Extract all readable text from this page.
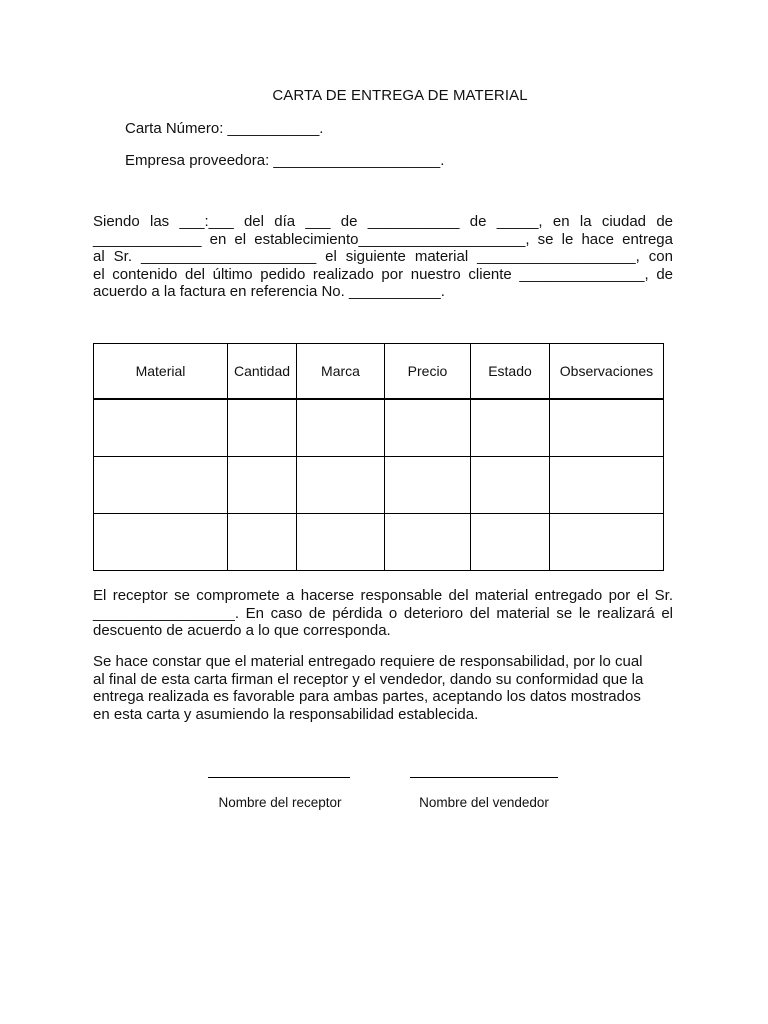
CARTA DE ENTREGA DE MATERIAL
Carta Número: ___________.
Empresa proveedora: ____________________.

Siendo las ___:___ del día ___ de ___________ de _____, en la ciudad de
_____________ en el establecimiento____________________, se le hace entrega
al Sr. _____________________ el siguiente material ___________________, con
el contenido del último pedido realizado por nuestro cliente _______________, de
acuerdo a la factura en referencia No. ___________.

Material	Cantidad	Marca	Precio	Estado	Observaciones

El receptor se compromete a hacerse responsable del material entregado por el Sr.
_________________. En caso de pérdida o deterioro del material se le realizará el
descuento de acuerdo a lo que corresponda.

Se hace constar que el material entregado requiere de responsabilidad, por lo cual
al final de esta carta firman el receptor y el vendedor, dando su conformidad que la
entrega realizada es favorable para ambas partes, aceptando los datos mostrados
en esta carta y asumiendo la responsabilidad establecida.

Nombre del receptor	Nombre del vendedor
